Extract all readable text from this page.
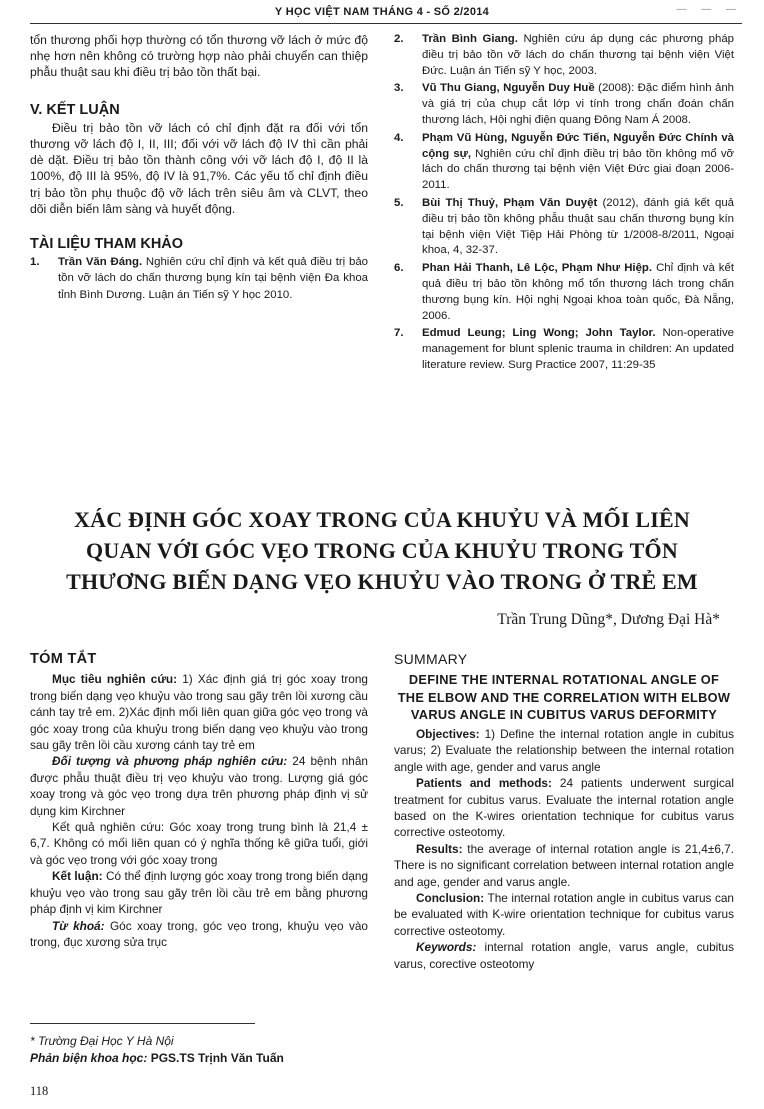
— — —
Y HỌC VIỆT NAM THÁNG 4 - SỐ 2/2014

tổn thương phối hợp thường có tổn thương vỡ lách ở mức độ nhẹ hơn nên không có trường hợp nào phải chuyển can thiệp phẫu thuật sau khi điều trị bảo tồn thất bại.

V. KẾT LUẬN

Điều trị bảo tồn vỡ lách có chỉ định đặt ra đối với tổn thương vỡ lách độ I, II, III; đối với vỡ lách độ IV thì cần phải dè dặt. Điều trị bảo tồn thành công với vỡ lách độ I, độ II là 100%, độ III là 95%, độ IV là 91,7%. Các yếu tố chỉ định điều trị bảo tồn phụ thuộc độ vỡ lách trên siêu âm và CLVT, theo dõi diễn biến lâm sàng và huyết động.

TÀI LIỆU THAM KHẢO
1. Trần Văn Đáng. Nghiên cứu chỉ định và kết quả điều trị bảo tồn vỡ lách do chấn thương bụng kín tại bệnh viện Đa khoa tỉnh Bình Dương. Luận án Tiến sỹ Y học 2010.
2. Trần Bình Giang. Nghiên cứu áp dụng các phương pháp điều trị bảo tồn vỡ lách do chấn thương tại bệnh viện Việt Đức. Luận án Tiến sỹ Y học, 2003.
3. Vũ Thu Giang, Nguyễn Duy Huề (2008): Đặc điểm hình ảnh và giá trị của chụp cắt lớp vi tính trong chẩn đoán chấn thương lách, Hội nghị điện quang Đông Nam Á 2008.
4. Phạm Vũ Hùng, Nguyễn Đức Tiến, Nguyễn Đức Chính và cộng sự, Nghiên cứu chỉ định điều trị bảo tồn không mổ vỡ lách do chấn thương tại bệnh viện Việt Đức giai đoạn 2006-2011.
5. Bùi Thị Thuỷ, Phạm Văn Duyệt (2012), đánh giá kết quả điều trị bảo tồn không phẫu thuật sau chấn thương bụng kín tại bệnh viện Việt Tiệp Hải Phòng từ 1/2008-8/2011, Ngoại khoa, 4, 32-37.
6. Phan Hải Thanh, Lê Lộc, Phạm Như Hiệp. Chỉ định và kết quả điều trị bảo tồn không mổ tổn thương lách trong chấn thương bụng kín. Hội nghị Ngoại khoa toàn quốc, Đà Nẵng, 2006.
7. Edmud Leung; Ling Wong; John Taylor. Non-operative management for blunt splenic trauma in children: An updated literature review. Surg Practice 2007, 11:29-35
XÁC ĐỊNH GÓC XOAY TRONG CỦA KHUỶU VÀ MỐI LIÊN QUAN VỚI GÓC VẸO TRONG CỦA KHUỶU TRONG TỔN THƯƠNG BIẾN DẠNG VẸO KHUỶU VÀO TRONG Ở TRẺ EM
Trần Trung Dũng*, Dương Đại Hà*
TÓM TẮT

Mục tiêu nghiên cứu: 1) Xác định giá trị góc xoay trong trong biến dạng vẹo khuỷu vào trong sau gãy trên lồi xương cầu cánh tay trẻ em. 2)Xác định mối liên quan giữa góc vẹo trong và góc xoay trong của khuỷu trong biến dạng vẹo khuỷu vào trong sau gãy trên lồi cầu xương cánh tay trẻ em

Đối tượng và phương pháp nghiên cứu: 24 bệnh nhân được phẫu thuật điều trị vẹo khuỷu vào trong. Lượng giá góc xoay trong và góc vẹo trong dựa trên phương pháp định vị sử dụng kim Kirchner

Kết quả nghiên cứu: Góc xoay trong trung bình là 21,4 ± 6,7. Không có mối liên quan có ý nghĩa thống kê giữa tuổi, giới và góc vẹo trong với góc xoay trong

Kết luận: Có thể định lượng góc xoay trong trong biến dạng khuỷu vẹo vào trong sau gãy trên lồi cầu trẻ em bằng phương pháp định vị kim Kirchner

Từ khoá: Góc xoay trong, góc vẹo trong, khuỷu vẹo vào trong, đục xương sửa trục

SUMMARY
DEFINE THE INTERNAL ROTATIONAL ANGLE OF THE ELBOW AND THE CORRELATION WITH ELBOW VARUS ANGLE IN CUBITUS VARUS DEFORMITY

Objectives: 1) Define the internal rotation angle in cubitus varus; 2) Evaluate the relationship between the internal rotation angle with age, gender and varus angle

Patients and methods: 24 patients underwent surgical treatment for cubitus varus. Evaluate the internal rotation angle based on the K-wires orientation technique for cubitus varus corrective osteotomy.

Results: the average of internal rotation angle is 21,4±6,7. There is no significant correlation between internal rotation angle and age, gender and varus angle.

Conclusion: The internal rotation angle in cubitus varus can be evaluated with K-wire orientation technique for cubitus varus corrective osteotomy.

Keywords: internal rotation angle, varus angle, cubitus varus, corective osteotomy

* Trường Đại Học Y Hà Nội
Phản biện khoa học: PGS.TS Trịnh Văn Tuấn
118
